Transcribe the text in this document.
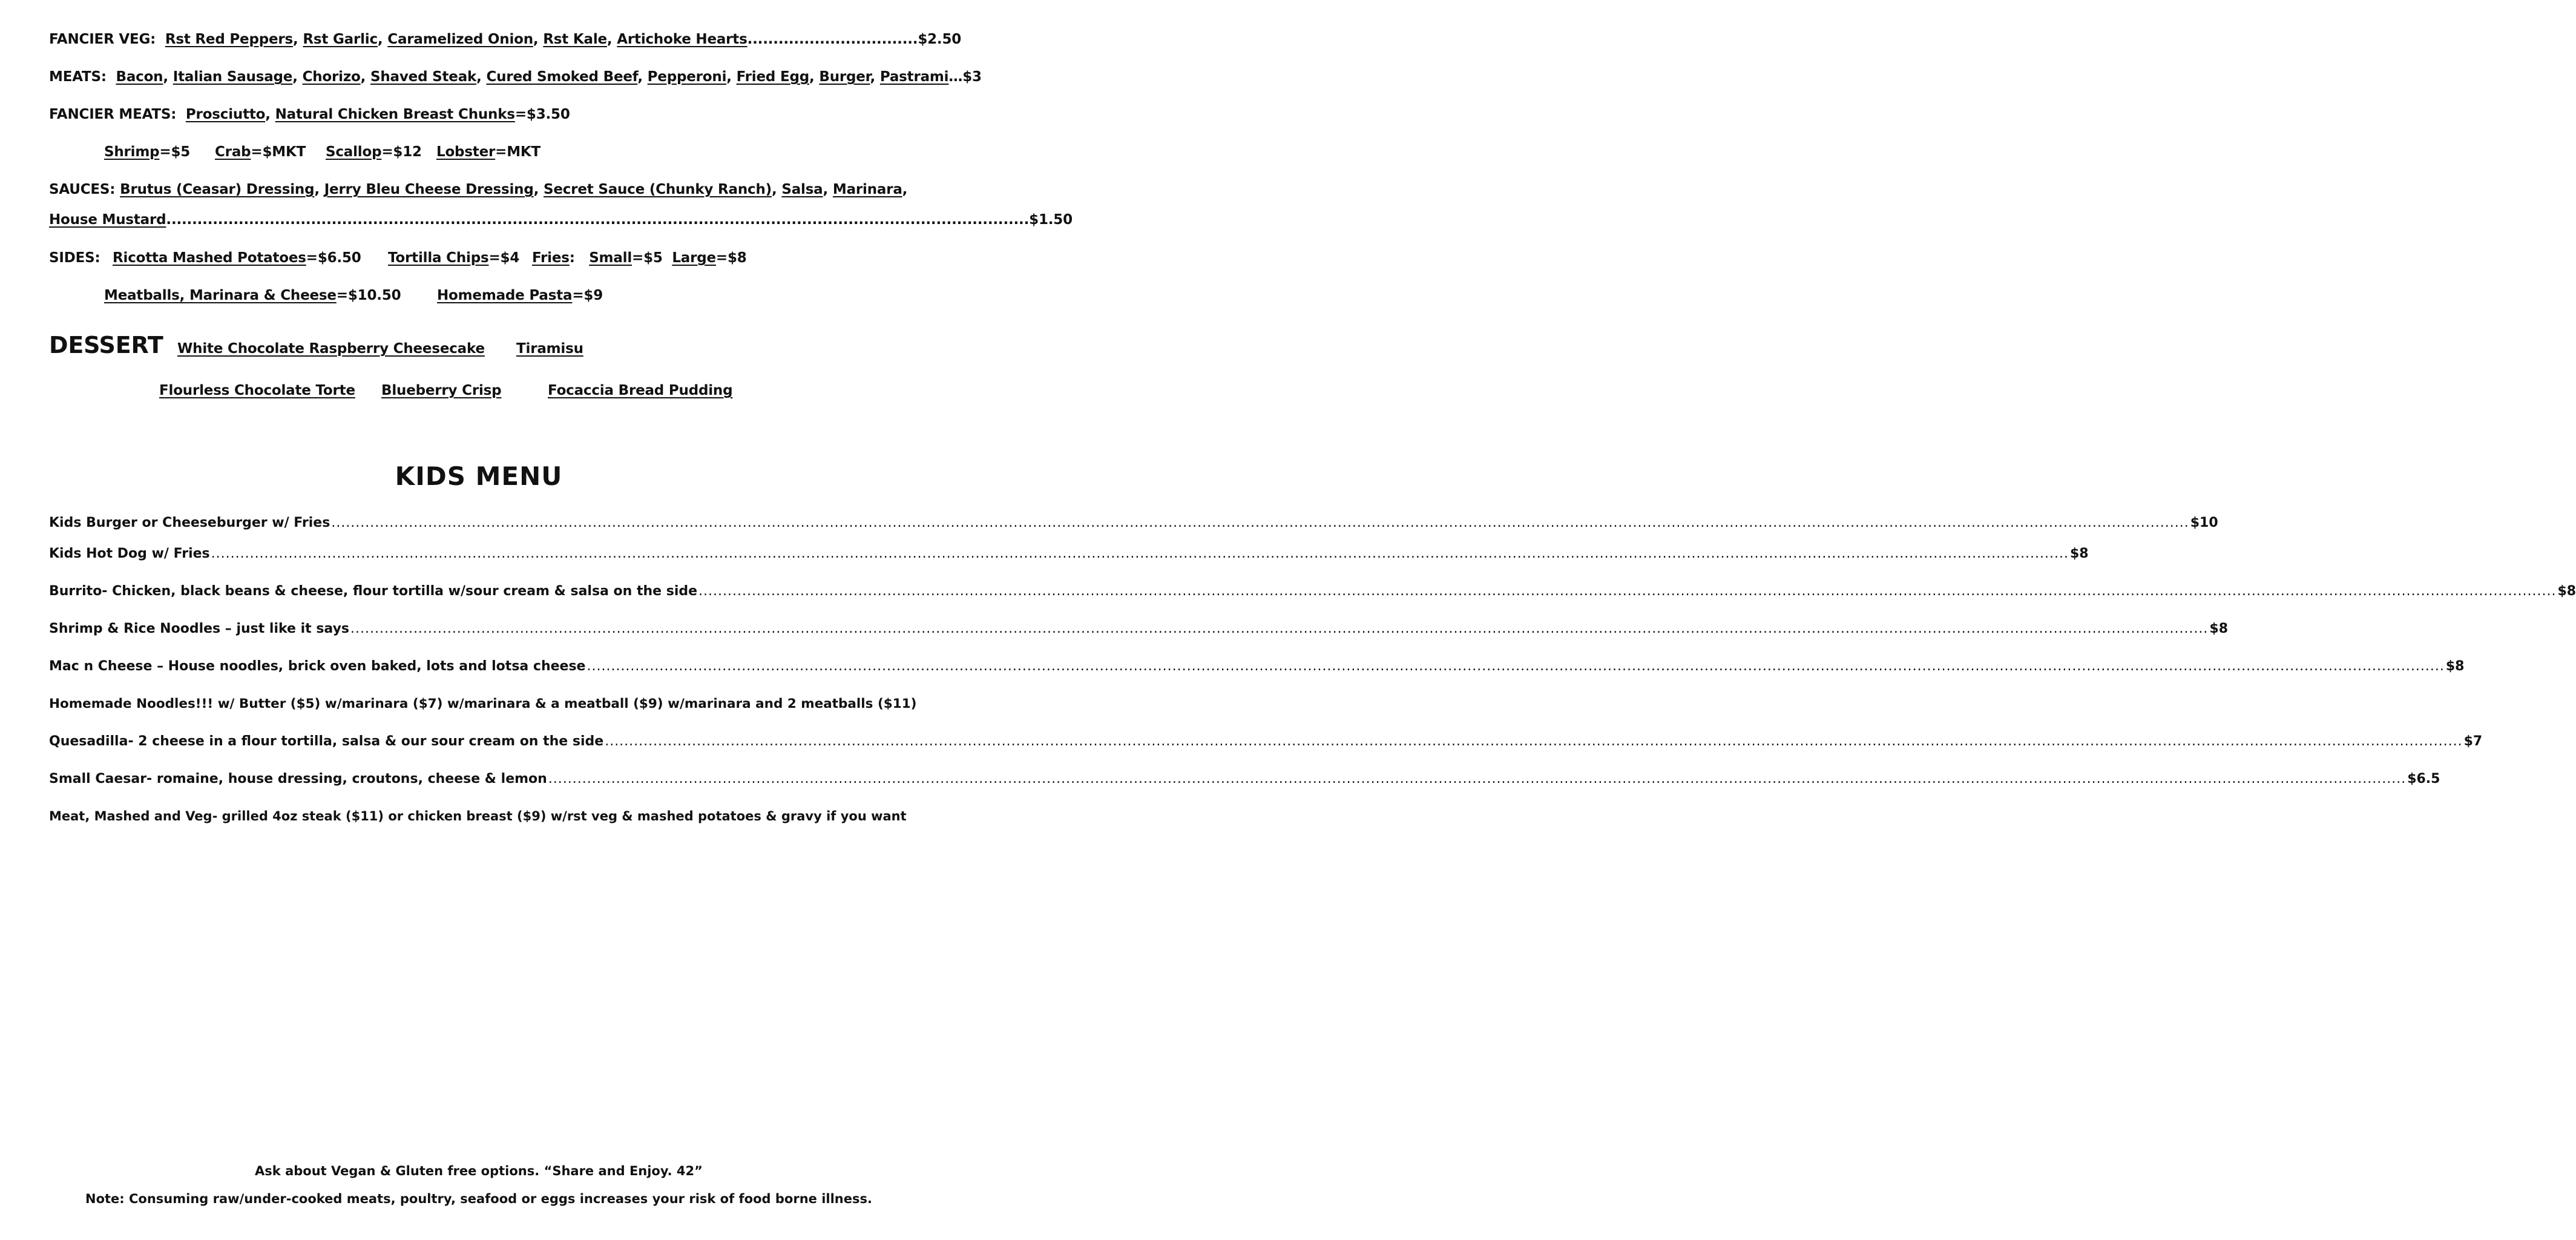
FANCIER VEG: Rst Red Peppers, Rst Garlic, Caramelized Onion, Rst Kale, Artichoke Hearts.................................$2.50
MEATS: Bacon, Italian Sausage, Chorizo, Shaved Steak, Cured Smoked Beef, Pepperoni, Fried Egg, Burger, Pastrami…$3
FANCIER MEATS: Prosciutto, Natural Chicken Breast Chunks=$3.50
Shrimp=$5 Crab=$MKT Scallop=$12 Lobster=MKT
SAUCES: Brutus (Ceasar) Dressing, Jerry Bleu Cheese Dressing, Secret Sauce (Chunky Ranch), Salsa, Marinara,
House Mustard.......................................................................................................................................................................$1.50
SIDES: Ricotta Mashed Potatoes=$6.50 Tortilla Chips=$4 Fries:   Small=$5 Large=$8
Meatballs, Marinara & Cheese=$10.50	Homemade Pasta=$9
DESSERT White Chocolate Raspberry Cheesecake Tiramisu
Flourless Chocolate Torte Blueberry Crisp	Focaccia Bread Pudding
KIDS MENU
Kids Burger or Cheeseburger w/ Fries .....	$10
Kids Hot Dog w/ Fries .....	$8
Burrito- Chicken, black beans & cheese, flour tortilla w/sour cream & salsa on the side .....	$8
Shrimp & Rice Noodles – just like it says .....	$8
Mac n Cheese – House noodles, brick oven baked, lots and lotsa cheese .....	$8
Homemade Noodles!!! w/ Butter ($5) w/marinara ($7) w/marinara & a meatball ($9) w/marinara and 2 meatballs ($11)
Quesadilla- 2 cheese in a flour tortilla, salsa & our sour cream on the side .....	$7
Small Caesar- romaine, house dressing, croutons, cheese & lemon .....	$6.5
Meat, Mashed and Veg- grilled 4oz steak ($11) or chicken breast ($9) w/rst veg & mashed potatoes & gravy if you want
Ask about Vegan & Gluten free options. “Share and Enjoy. 42”
Note: Consuming raw/under-cooked meats, poultry, seafood or eggs increases your risk of food borne illness.
